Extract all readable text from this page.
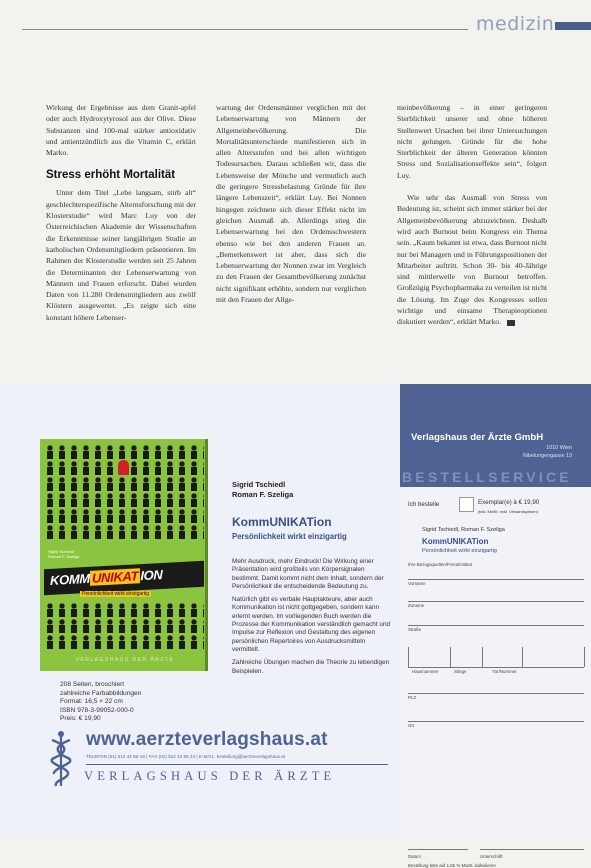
medizin

Wirkung der Ergebnisse aus dem Granit-apfel oder auch Hydroxytyrosol aus der Olive. Diese Substanzen sind 100-mal stärker antioxidativ und antientzündlich aus die Vitamin C, erklärt Marko.

Stress erhöht Mortalität

Unter dem Titel „Lebe langsam, stirb alt“ geschlechterspezifische Alternsforschung mit der Klosterstudie“ wird Marc Luy von der Österreichischen Akademie der Wissenschaften die Erkenntnisse seiner langjährigen Studie an katholischen Ordensmitgliedern präsentieren. Im Rahmen der Klosterstudie werden seit 25 Jahren die Determinanten der Lebenserwartung von Männern und Frauen erforscht. Dabei wurden Daten von 11.280 Ordensmitgliedern aus zwölf Klöstern ausgewertet. „Es zeigte sich eine konstant höhere Lebenser-

wartung der Ordensmänner verglichen mit der Lebenserwartung von Männern der Allgemeinbevölkerung. Die Mortalitätsunterschiede manifestieren sich in allen Altersstufen und bei allen wichtigen Todesursachen. Daraus schließen wir, dass die Lebensweise der Mönche und vermutlich auch die geringere Stressbelastung Gründe für ihre längere Lebenszeit“, erklärt Luy. Bei Nonnen hingegen zeichnete sich dieser Effekt nicht im gleichen Ausmaß ab. Allerdings stieg die Lebenserwartung bei den Ordensschwestern ebenso wie bei den anderen Frauen an. „Bemerkenswert ist aber, dass sich die Lebenserwartung der Nonnen zwar im Vergleich zu den Frauen der Gesamtbevölkerung zunächst nicht signifikant erhöhte, sondern nur verglichen mit den Frauen der Allge-

meinbevölkerung – in einer geringeren Sterblichkeit unserer und ohne höheren Stellenwert Ursachen bei ihrer Untersuchungen nicht gelungen. Gründe für die hohe Sterblichkeit der älteren Generation könnten Stress und Sozialisationseffekte sein“, folgert Luy.

Wie sehr das Ausmaß von Stress von Bedeutung ist, scheint sich immer stärker bei der Allgemeinbevölkerung abzuzeichnen. Deshalb wird auch Burnout beim Kongress ein Thema sein. „Kaum bekannt ist etwa, dass Burnout nicht nur bei Managern und in Führungspositionen der Mitarbeiter auftritt. Schon 30- bis 40-Jährige sind mittlerweile von Burnout betroffen. Großzügig Psychopharmaka zu verteilen ist nicht die Lösung. Im Zuge des Kongresses sollen wichtige und einsame Therapieoptionen diskutiert werden“, erklärt Marko.

Sigrid Tschiedl
Roman F. Szeliga
KOMM UNIKAT ION
Persönlichkeit wirkt einzigartig
VERLAGSHAUS DER ÄRZTE
208 Seiten, broschiert
zahlreiche Farbabbildungen
Format: 16,5 × 22 cm
ISBN 978-3-99052-000-0
Preis: € 19,90
Sigrid Tschiedl
Roman F. Szeliga
KommUNIKATion
Persönlichkeit wirkt einzigartig

Mehr Ausdruck, mehr Eindruck! Die Wirkung einer Präsentation wird großteils von Körpersignalen bestimmt. Damit kommt nicht dem Inhalt, sondern der Persönlichkeit die entscheidende Bedeutung zu.

Natürlich gibt es verbale Hauptakteure, aber auch Kommunikation ist nicht gottgegeben, sondern kann erlernt werden. Im vorliegenden Buch werden die Prozesse der Kommunikation verständlich gemacht und Impulse zur Reflexion und Gestaltung des eigenen persönlichen Repertoires von Ausdrucksmitteln vermittelt.

Zahlreiche Übungen machen die Theorie zu lebendigen Beispielen.

www.aerzteverlagshaus.at
TELEFON (01) 512 44 86-19 | FAX (01) 512 44 86 24 | E-MAIL: bestellung@aerzteverlagshaus.at
VERLAGSHAUS DER ÄRZTE
Verlagshaus der Ärzte GmbH
1010 Wien
Nibelungengasse 13
BESTELLSERVICE
Ich bestelle	Exemplar(e) à € 19,90
(inkl. MwSt. exkl. Versandspesen)
Sigrid Tschiedl, Roman F. Szeliga
KommUNIKATion
Persönlichkeit wirkt einzigartig
Ihre Bezugsquellen/Firma/Institut
Vorname
Zuname
Straße
Hausnummer	Stiege	Tür/Nummer
PLZ
Ort
Datum	Unterschrift
Bestellung bitte auf 1,55 % MwSt. kalkulieren
